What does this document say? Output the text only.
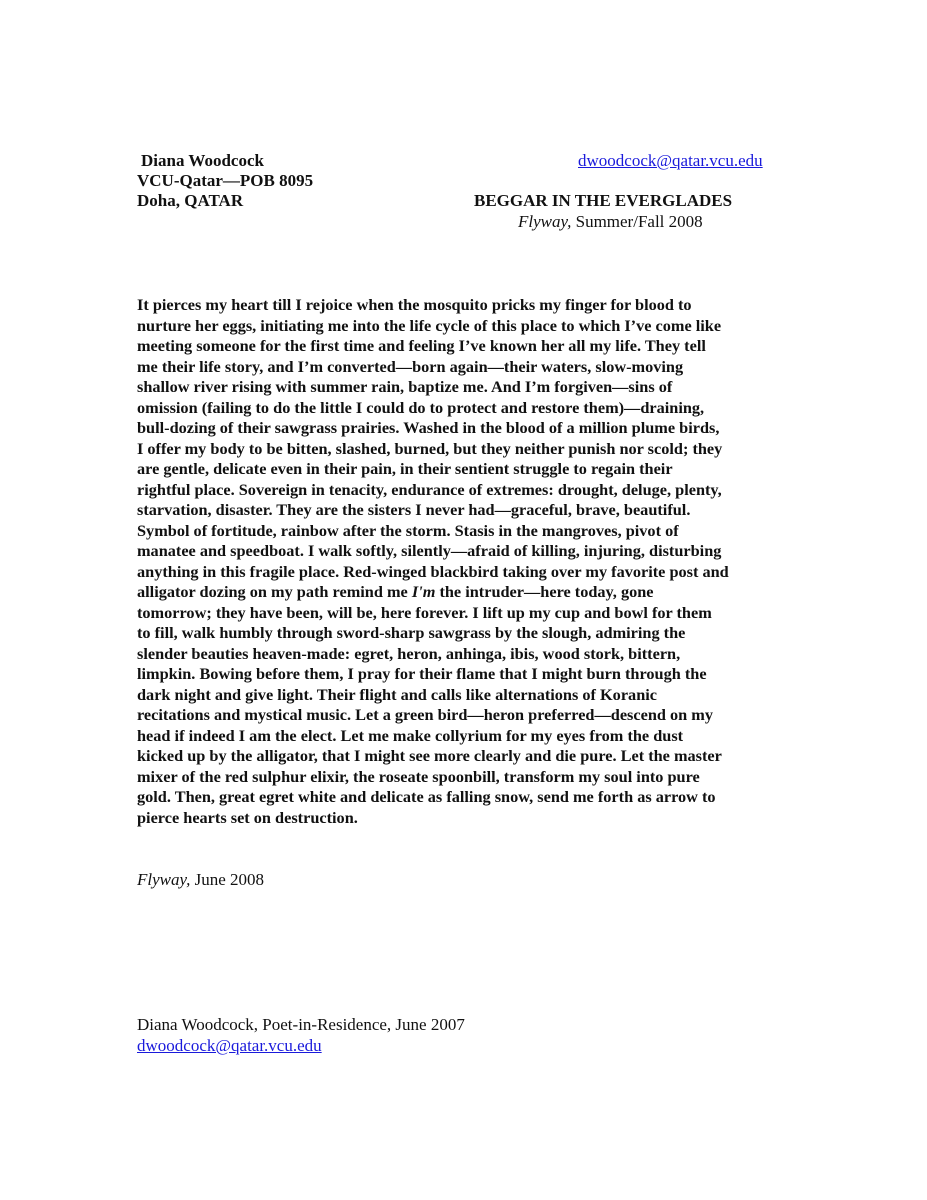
Diana Woodcock	dwoodcock@qatar.vcu.edu
VCU-Qatar—POB 8095
Doha, QATAR	BEGGAR IN THE EVERGLADES
Flyway, Summer/Fall 2008
It pierces my heart till I rejoice when the mosquito pricks my finger for blood to
nurture her eggs, initiating me into the life cycle of this place to which I’ve come like
meeting someone for the first time and feeling I’ve known her all my life. They tell
me their life story, and I’m converted—born again—their waters, slow-moving
shallow river rising with summer rain, baptize me. And I’m forgiven—sins of
omission (failing to do the little I could do to protect and restore them)—draining,
bull-dozing of their sawgrass prairies. Washed in the blood of a million plume birds,
I offer my body to be bitten, slashed, burned, but they neither punish nor scold; they
are gentle, delicate even in their pain, in their sentient struggle to regain their
rightful place. Sovereign in tenacity, endurance of extremes: drought, deluge, plenty,
starvation, disaster. They are the sisters I never had—graceful, brave, beautiful.
Symbol of fortitude, rainbow after the storm. Stasis in the mangroves, pivot of
manatee and speedboat. I walk softly, silently—afraid of killing, injuring, disturbing
anything in this fragile place. Red-winged blackbird taking over my favorite post and
alligator dozing on my path remind me I'm the intruder—here today, gone
tomorrow; they have been, will be, here forever. I lift up my cup and bowl for them
to fill, walk humbly through sword-sharp sawgrass by the slough, admiring the
slender beauties heaven-made: egret, heron, anhinga, ibis, wood stork, bittern,
limpkin. Bowing before them, I pray for their flame that I might burn through the
dark night and give light. Their flight and calls like alternations of Koranic
recitations and mystical music. Let a green bird—heron preferred—descend on my
head if indeed I am the elect. Let me make collyrium for my eyes from the dust
kicked up by the alligator, that I might see more clearly and die pure. Let the master
mixer of the red sulphur elixir, the roseate spoonbill, transform my soul into pure
gold. Then, great egret white and delicate as falling snow, send me forth as arrow to
pierce hearts set on destruction.
Flyway, June 2008
Diana Woodcock, Poet-in-Residence, June 2007
dwoodcock@qatar.vcu.edu
